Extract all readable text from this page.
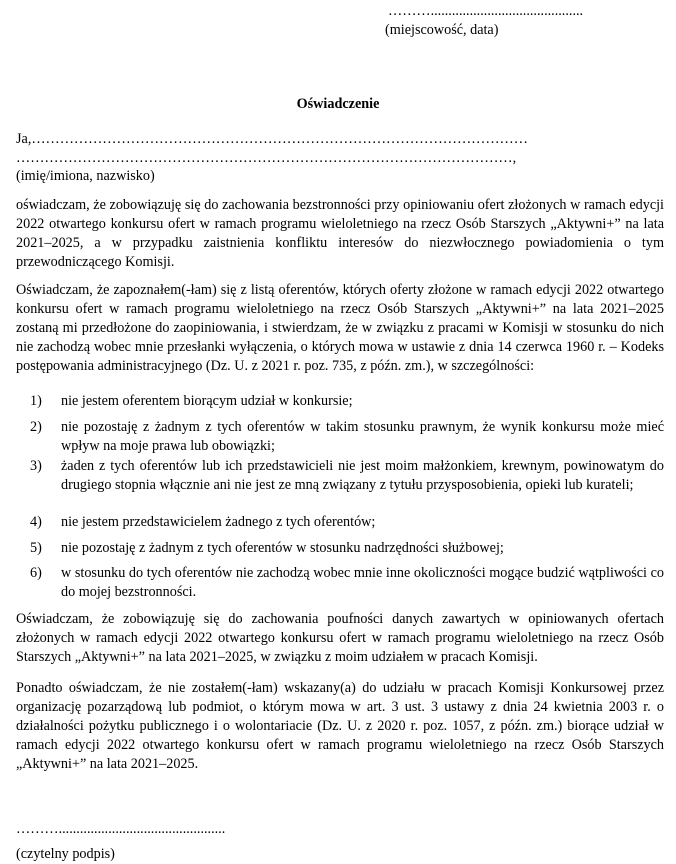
………...........................................
(miejscowość, data)
Oświadczenie
Ja,……………………………………………………………………………………………
……………………………………………………………………………………………,
(imię/imiona, nazwisko)
oświadczam, że zobowiązuję się do zachowania bezstronności przy opiniowaniu ofert złożonych w ramach edycji 2022 otwartego konkursu ofert w ramach programu wieloletniego na rzecz Osób Starszych „Aktywni+” na lata 2021–2025, a w przypadku zaistnienia konfliktu interesów do niezwłocznego powiadomienia o tym przewodniczącego Komisji.
Oświadczam, że zapoznałem(-łam) się z listą oferentów, których oferty złożone w ramach edycji 2022 otwartego konkursu ofert w ramach programu wieloletniego na rzecz Osób Starszych „Aktywni+” na lata 2021–2025 zostaną mi przedłożone do zaopiniowania, i stwierdzam, że w związku z pracami w Komisji w stosunku do nich nie zachodzą wobec mnie przesłanki wyłączenia, o których mowa w ustawie z dnia 14 czerwca 1960 r. – Kodeks postępowania administracyjnego (Dz. U. z 2021 r. poz. 735, z późn. zm.), w szczególności:
1) nie jestem oferentem biorącym udział w konkursie;
2) nie pozostaję z żadnym z tych oferentów w takim stosunku prawnym, że wynik konkursu może mieć wpływ na moje prawa lub obowiązki;
3) żaden z tych oferentów lub ich przedstawicieli nie jest moim małżonkiem, krewnym, powinowatym do drugiego stopnia włącznie ani nie jest ze mną związany z tytułu przysposobienia, opieki lub kurateli;
4) nie jestem przedstawicielem żadnego z tych oferentów;
5) nie pozostaję z żadnym z tych oferentów w stosunku nadrzędności służbowej;
6) w stosunku do tych oferentów nie zachodzą wobec mnie inne okoliczności mogące budzić wątpliwości co do mojej bezstronności.
Oświadczam, że zobowiązuję się do zachowania poufności danych zawartych w opiniowanych ofertach złożonych w ramach edycji 2022 otwartego konkursu ofert w ramach programu wieloletniego na rzecz Osób Starszych „Aktywni+” na lata 2021–2025, w związku z moim udziałem w pracach Komisji.
Ponadto oświadczam, że nie zostałem(-łam) wskazany(a) do udziału w pracach Komisji Konkursowej przez organizację pozarządową lub podmiot, o którym mowa w art. 3 ust. 3 ustawy z dnia 24 kwietnia 2003 r. o działalności pożytku publicznego i o wolontariacie (Dz. U. z 2020 r. poz. 1057, z późn. zm.) biorące udział w ramach edycji 2022 otwartego konkursu ofert w ramach programu wieloletniego na rzecz Osób Starszych „Aktywni+” na lata 2021–2025.
………...............................................
(czytelny podpis)
